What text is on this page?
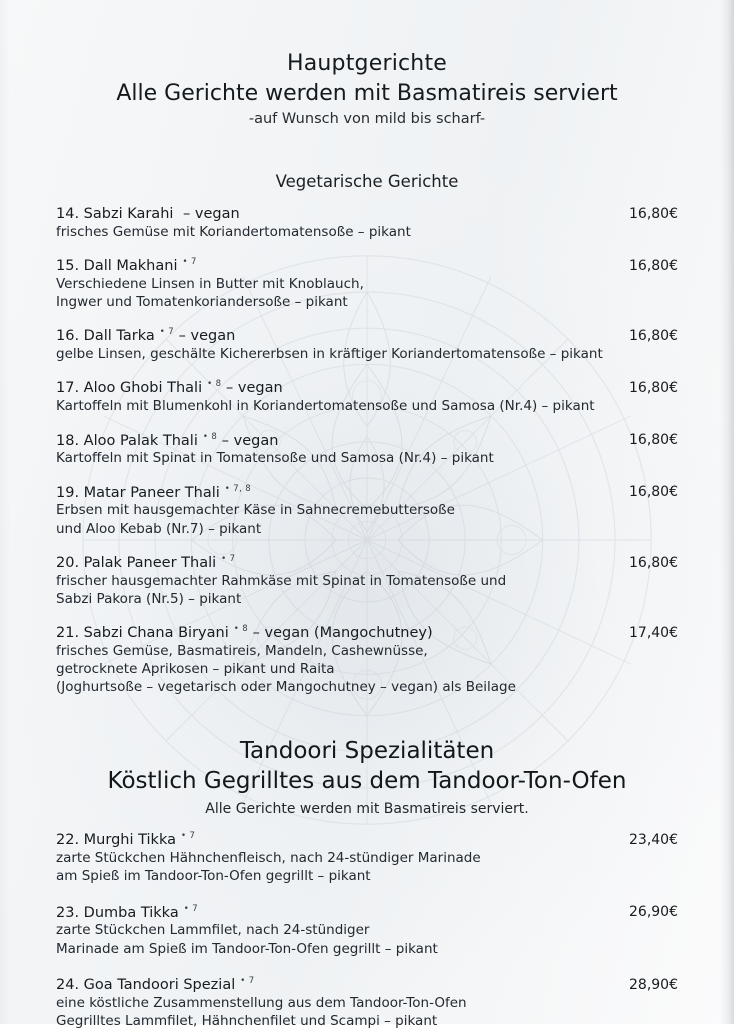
Hauptgerichte
Alle Gerichte werden mit Basmatireis serviert
-auf Wunsch von mild bis scharf-
Vegetarische Gerichte
14. Sabzi Karahi – vegan	16,80€
frisches Gemüse mit Koriandertomatensoße – pikant
15. Dall Makhani $^{• 7}$	16,80€
Verschiedene Linsen in Butter mit Knoblauch,
Ingwer und Tomatenkoriandersoße – pikant
16. Dall Tarka $^{• 7}$ – vegan	16,80€
gelbe Linsen, geschälte Kichererbsen in kräftiger Koriandertomatensoße – pikant
17. Aloo Ghobi Thali $^{• 8}$ – vegan	16,80€
Kartoffeln mit Blumenkohl in Koriandertomatensoße und Samosa (Nr.4) – pikant
18. Aloo Palak Thali $^{• 8}$ – vegan	16,80€
Kartoffeln mit Spinat in Tomatensoße und Samosa (Nr.4) – pikant
19. Matar Paneer Thali $^{• 7, 8}$	16,80€
Erbsen mit hausgemachter Käse in Sahnecremebuttersoße
und Aloo Kebab (Nr.7) – pikant
20. Palak Paneer Thali $^{• 7}$	16,80€
frischer hausgemachter Rahmkäse mit Spinat in Tomatensoße und
Sabzi Pakora (Nr.5) – pikant
21. Sabzi Chana Biryani $^{• 8}$ – vegan (Mangochutney)	17,40€
frisches Gemüse, Basmatireis, Mandeln, Cashewnüsse,
getrocknete Aprikosen – pikant und Raita
(Joghurtsoße – vegetarisch oder Mangochutney – vegan) als Beilage
Tandoori Spezialitäten
Köstlich Gegrilltes aus dem Tandoor-Ton-Ofen
Alle Gerichte werden mit Basmatireis serviert.
22. Murghi Tikka $^{• 7}$	23,40€
zarte Stückchen Hähnchenfleisch, nach 24-stündiger Marinade
am Spieß im Tandoor-Ton-Ofen gegrillt – pikant
23. Dumba Tikka $^{• 7}$	26,90€
zarte Stückchen Lammfilet, nach 24-stündiger
Marinade am Spieß im Tandoor-Ton-Ofen gegrillt – pikant
24. Goa Tandoori Spezial $^{• 7}$	28,90€
eine köstliche Zusammenstellung aus dem Tandoor-Ton-Ofen
Gegrilltes Lammfilet, Hähnchenfilet und Scampi – pikant
